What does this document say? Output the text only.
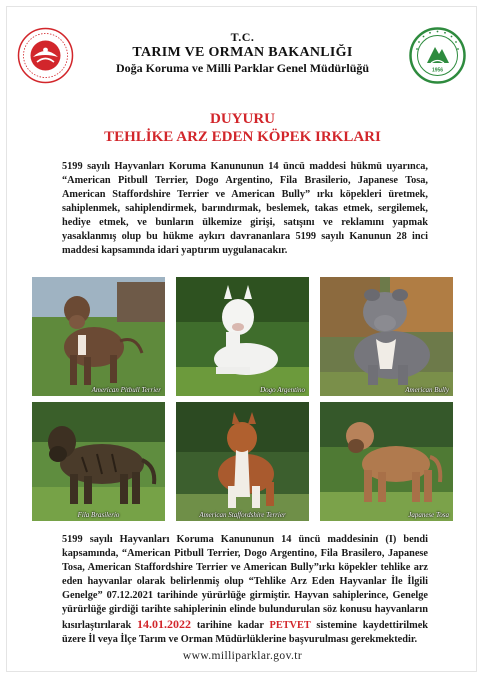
T.C.
TARIM VE ORMAN BAKANLIĞI
Doğa Koruma ve Milli Parklar Genel Müdürlüğü	1956
DUYURU
TEHLİKE ARZ EDEN KÖPEK IRKLARI
5199 sayılı Hayvanları Koruma Kanununun 14 üncü maddesi hükmü uyarınca, “American Pitbull Terrier, Dogo Argentino, Fila Brasilerio, Japanese Tosa, American Staffordshire Terrier ve American Bully” ırkı köpekleri üretmek, sahiplenmek, sahiplendirmek, barındırmak, beslemek, takas etmek, sergilemek, hediye etmek, ve bunların ülkemize girişi, satışını ve reklamını yapmak yasaklanmış olup bu hükme aykırı davrananlara 5199 sayılı Kanunun 28 inci maddesi kapsamında idari yaptırım uygulanacakır.
American Pitbull Terrier	Dogo Argentino	American Bully
Fila Brasilerio	American Staffordshire Terrier	Japanese Tosa
5199 sayılı Hayvanları Koruma Kanununun 14 üncü maddesinin (I) bendi kapsamında, “American Pitbull Terrier, Dogo Argentino, Fila Brasilero, Japanese Tosa, American Staffordshire Terrier ve American Bully”ırkı köpekler tehlike arz eden hayvanlar olarak belirlenmiş olup “Tehlike Arz Eden Hayvanlar İle İlgili Genelge” 07.12.2021 tarihinde yürürlüğe girmiştir. Hayvan sahiplerince, Genelge yürürlüğe girdiği tarihte sahiplerinin elinde bulundurulan söz konusu hayvanların kısırlaştırılarak 14.01.2022 tarihine kadar PETVET sistemine kaydettirilmek üzere İl veya İlçe Tarım ve Orman Müdürlüklerine başvurulması gerekmektedir.
www.milliparklar.gov.tr
